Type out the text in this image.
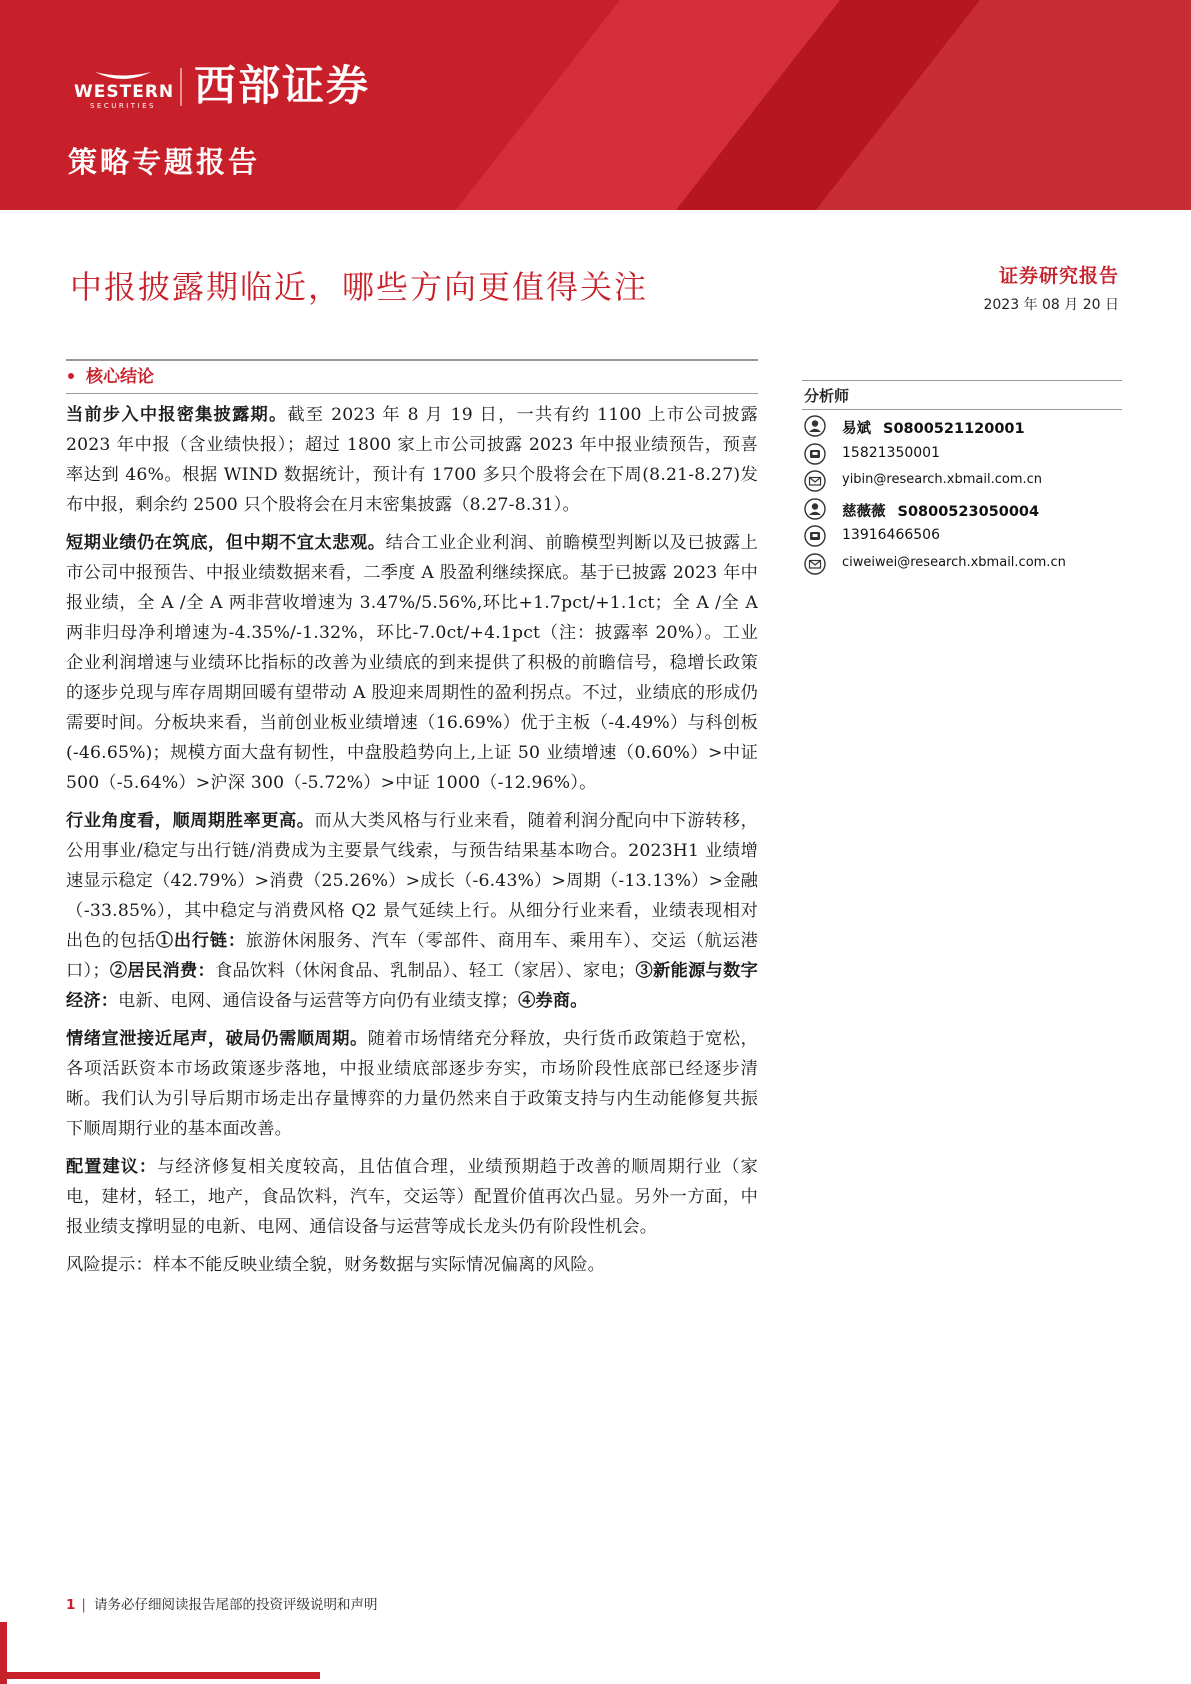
WESTERN
SECURITIES 西部证券
策略专题报告
中报披露期临近，哪些方向更值得关注	证券研究报告
2023 年 08 月 20 日
核心结论

当前步入中报密集披露期。截至 2023 年 8 月 19 日，一共有约 1100 上市公司披露 2023 年中报（含业绩快报）；超过 1800 家上市公司披露 2023 年中报业绩预告，预喜率达到 46%。根据 WIND 数据统计，预计有 1700 多只个股将会在下周(8.21-8.27)发布中报，剩余约 2500 只个股将会在月末密集披露（8.27-8.31）。

短期业绩仍在筑底，但中期不宜太悲观。结合工业企业利润、前瞻模型判断以及已披露上市公司中报预告、中报业绩数据来看，二季度 A 股盈利继续探底。基于已披露 2023 年中报业绩，全 A /全 A 两非营收增速为 3.47%/5.56%,环比+1.7pct/+1.1ct；全 A /全 A 两非归母净利增速为-4.35%/-1.32%，环比-7.0ct/+4.1pct（注：披露率 20%）。工业企业利润增速与业绩环比指标的改善为业绩底的到来提供了积极的前瞻信号，稳增长政策的逐步兑现与库存周期回暖有望带动 A 股迎来周期性的盈利拐点。不过，业绩底的形成仍需要时间。分板块来看，当前创业板业绩增速（16.69%）优于主板（-4.49%）与科创板(-46.65%)；规模方面大盘有韧性，中盘股趋势向上,上证 50 业绩增速（0.60%）>中证 500（-5.64%）>沪深 300（-5.72%）>中证 1000（-12.96%）。

行业角度看，顺周期胜率更高。而从大类风格与行业来看，随着利润分配向中下游转移，公用事业/稳定与出行链/消费成为主要景气线索，与预告结果基本吻合。2023H1 业绩增速显示稳定（42.79%）>消费（25.26%）>成长（-6.43%）>周期（-13.13%）>金融（-33.85%），其中稳定与消费风格 Q2 景气延续上行。从细分行业来看，业绩表现相对出色的包括①出行链：旅游休闲服务、汽车（零部件、商用车、乘用车）、交运（航运港口）；②居民消费：食品饮料（休闲食品、乳制品）、轻工（家居）、家电；③新能源与数字经济：电新、电网、通信设备与运营等方向仍有业绩支撑；④券商。

情绪宣泄接近尾声，破局仍需顺周期。随着市场情绪充分释放，央行货币政策趋于宽松，各项活跃资本市场政策逐步落地，中报业绩底部逐步夯实，市场阶段性底部已经逐步清晰。我们认为引导后期市场走出存量博弈的力量仍然来自于政策支持与内生动能修复共振下顺周期行业的基本面改善。

配置建议：与经济修复相关度较高，且估值合理，业绩预期趋于改善的顺周期行业（家电，建材，轻工，地产，食品饮料，汽车，交运等）配置价值再次凸显。另外一方面，中报业绩支撑明显的电新、电网、通信设备与运营等成长龙头仍有阶段性机会。

风险提示：样本不能反映业绩全貌，财务数据与实际情况偏离的风险。

分析师
易斌 S0800521120001
15821350001
yibin@research.xbmail.com.cn
慈薇薇 S0800523050004
13916466506
ciweiwei@research.xbmail.com.cn
1 | 请务必仔细阅读报告尾部的投资评级说明和声明
